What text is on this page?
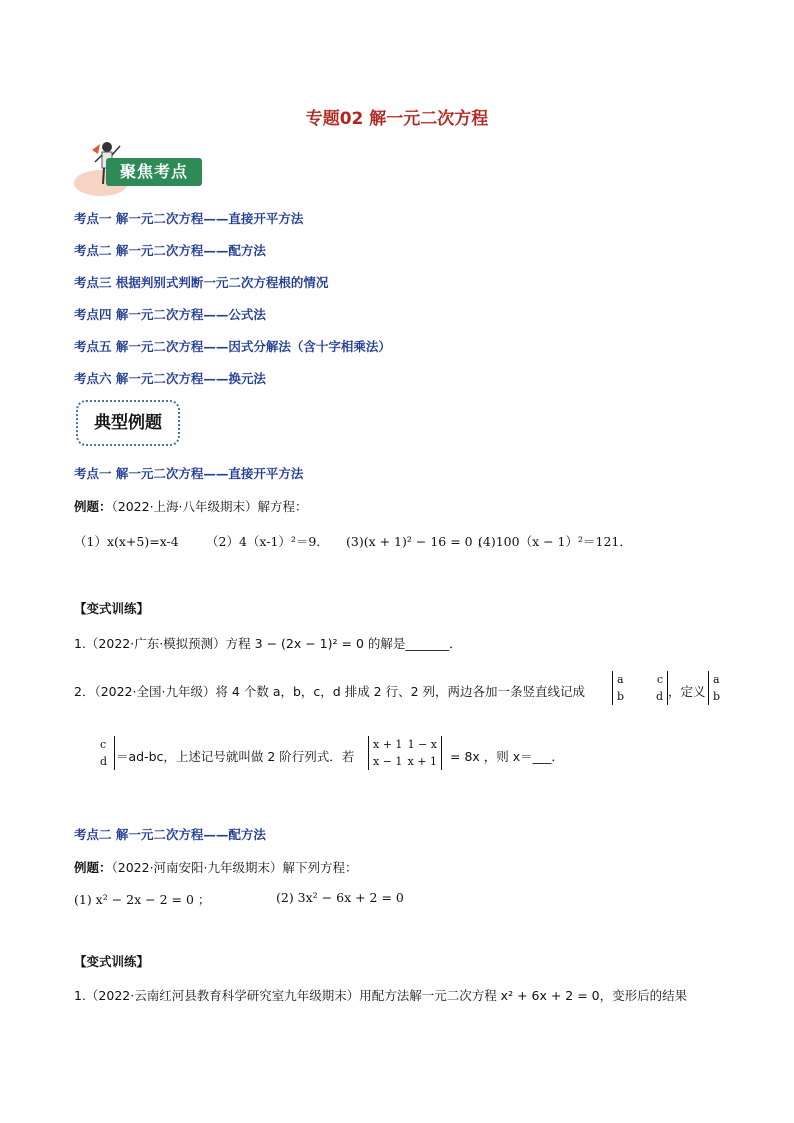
专题02 解一元二次方程
聚焦考点
考点一 解一元二次方程——直接开平方法
考点二 解一元二次方程——配方法
考点三 根据判别式判断一元二次方程根的情况
考点四 解一元二次方程——公式法
考点五 解一元二次方程——因式分解法（含十字相乘法）
考点六 解一元二次方程——换元法
典型例题
考点一 解一元二次方程——直接开平方法
例题：（2022·上海·八年级期末）解方程：
（1）x(x+5)=x-4 （2）4（x-1）²＝9． (3)(x + 1)² − 16 = 0 ；
(4)100（x − 1）²＝121．
【变式训练】
1.（2022·广东·模拟预测）方程 3 − (2x − 1)² = 0 的解是_______．
2．（2022·全国·九年级）将 4 个数 a，b，c，d 排成 2 行、2 列，两边各加一条竖直线记成
a	c
b	d ，定义
a
b
c
d ＝ad-bc，上述记号就叫做 2 阶行列式．若
x + 1 1 − x
x − 1 x + 1 = 8x ，则 x＝___．
考点二 解一元二次方程——配方法
例题：（2022·河南安阳·九年级期末）解下列方程：
(1) x² − 2x − 2 = 0 ；	(2) 3x² − 6x + 2 = 0
【变式训练】
1.（2022·云南红河县教育科学研究室九年级期末）用配方法解一元二次方程 x² + 6x + 2 = 0，变形后的结果
